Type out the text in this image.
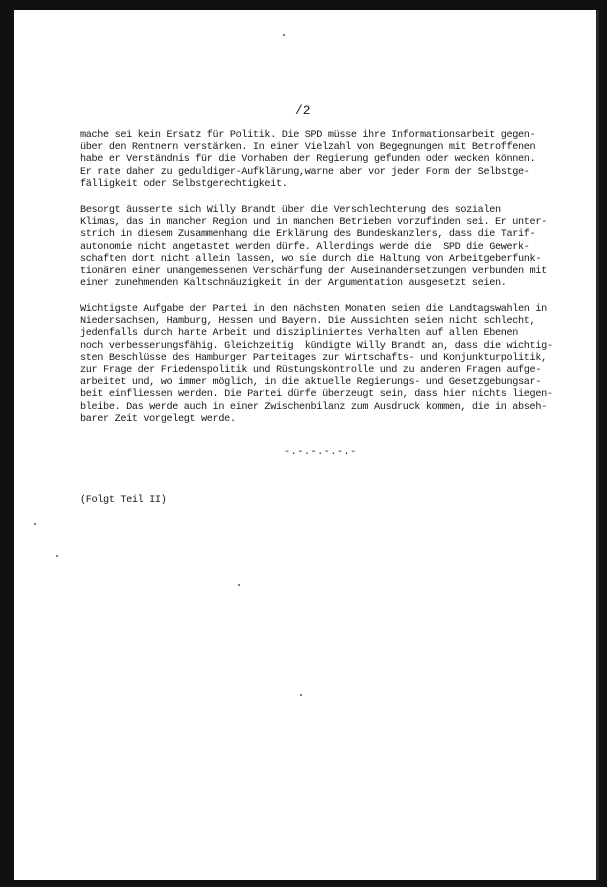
/2

mache sei kein Ersatz für Politik. Die SPD müsse ihre Informationsarbeit gegen-
über den Rentnern verstärken. In einer Vielzahl von Begegnungen mit Betroffenen
habe er Verständnis für die Vorhaben der Regierung gefunden oder wecken können.
Er rate daher zu geduldiger-Aufklärung,warne aber vor jeder Form der Selbstge-
fälligkeit oder Selbstgerechtigkeit.

Besorgt äusserte sich Willy Brandt über die Verschlechterung des sozialen
Klimas, das in mancher Region und in manchen Betrieben vorzufinden sei. Er unter-
strich in diesem Zusammenhang die Erklärung des Bundeskanzlers, dass die Tarif-
autonomie nicht angetastet werden dürfe. Allerdings werde die  SPD die Gewerk-
schaften dort nicht allein lassen, wo sie durch die Haltung von Arbeitgeberfunk-
tionären einer unangemessenen Verschärfung der Auseinandersetzungen verbunden mit
einer zunehmenden Kaltschnäuzigkeit in der Argumentation ausgesetzt seien.

Wichtigste Aufgabe der Partei in den nächsten Monaten seien die Landtagswahlen in
Niedersachsen, Hamburg, Hessen und Bayern. Die Aussichten seien nicht schlecht,
jedenfalls durch harte Arbeit und diszipliniertes Verhalten auf allen Ebenen
noch verbesserungsfähig. Gleichzeitig  kündigte Willy Brandt an, dass die wichtig-
sten Beschlüsse des Hamburger Parteitages zur Wirtschafts- und Konjunkturpolitik,
zur Frage der Friedenspolitik und Rüstungskontrolle und zu anderen Fragen aufge-
arbeitet und, wo immer möglich, in die aktuelle Regierungs- und Gesetzgebungsar-
beit einfliessen werden. Die Partei dürfe überzeugt sein, dass hier nichts liegen-
bleibe. Das werde auch in einer Zwischenbilanz zum Ausdruck kommen, die in abseh-
barer Zeit vorgelegt werde.

-.-.-.-.-.-
(Folgt Teil II)
